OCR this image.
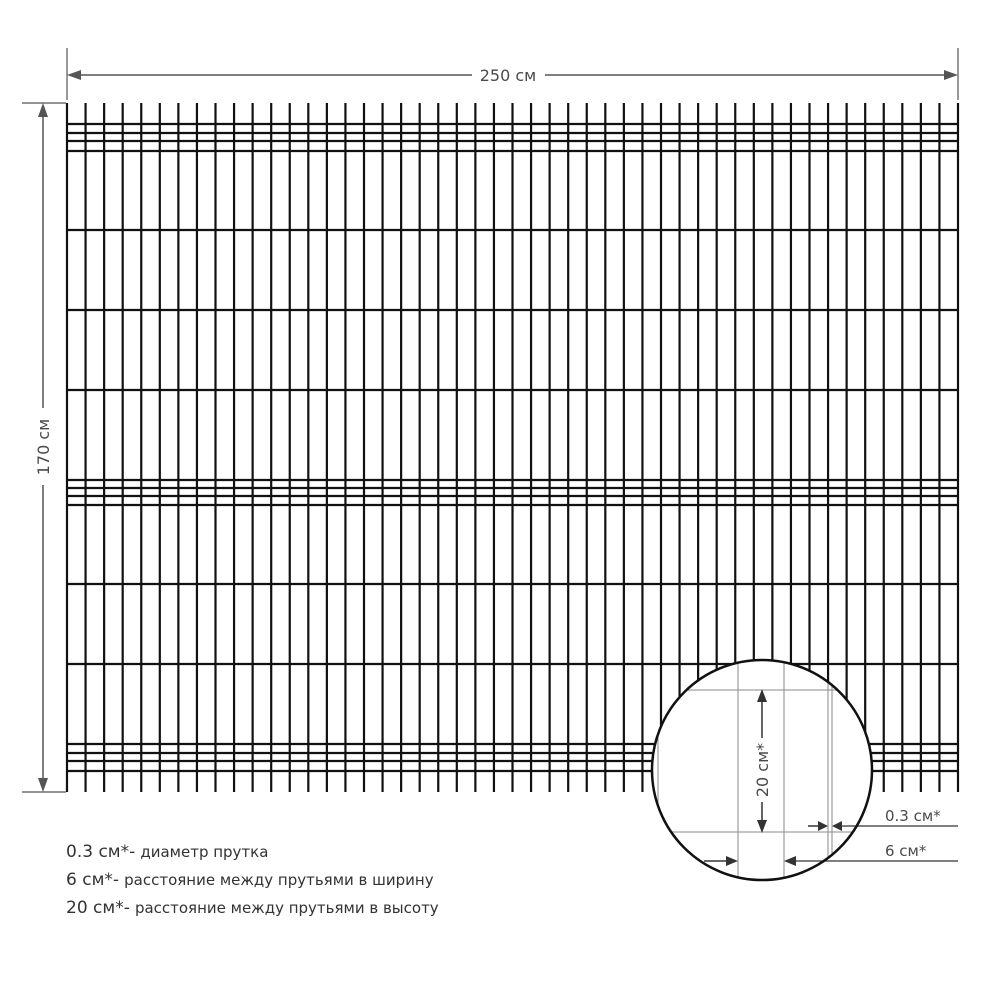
250 см
170 см
20 см*
0.3 см*
6 см*
0.3 см*- диаметр прутка
6 см*- расстояние между прутьями в ширину
20 см*- расстояние между прутьями в высоту
